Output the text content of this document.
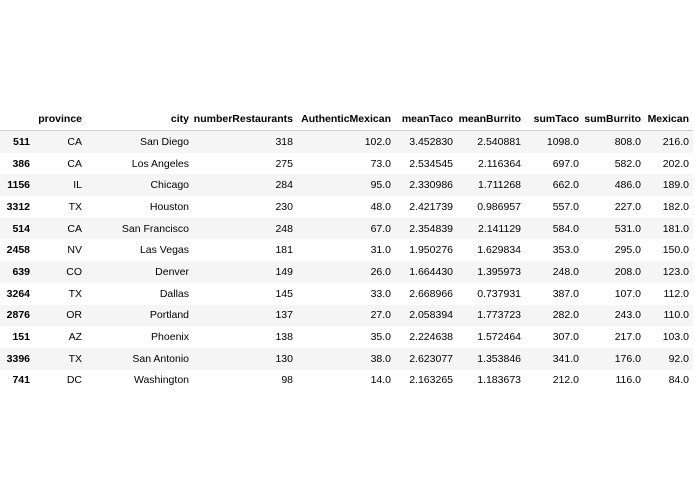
	province	city	numberRestaurants	AuthenticMexican	meanTaco	meanBurrito	sumTaco	sumBurrito	Mexican
511	CA	San Diego	318	102.0	3.452830	2.540881	1098.0	808.0	216.0
386	CA	Los Angeles	275	73.0	2.534545	2.116364	697.0	582.0	202.0
1156	IL	Chicago	284	95.0	2.330986	1.711268	662.0	486.0	189.0
3312	TX	Houston	230	48.0	2.421739	0.986957	557.0	227.0	182.0
514	CA	San Francisco	248	67.0	2.354839	2.141129	584.0	531.0	181.0
2458	NV	Las Vegas	181	31.0	1.950276	1.629834	353.0	295.0	150.0
639	CO	Denver	149	26.0	1.664430	1.395973	248.0	208.0	123.0
3264	TX	Dallas	145	33.0	2.668966	0.737931	387.0	107.0	112.0
2876	OR	Portland	137	27.0	2.058394	1.773723	282.0	243.0	110.0
151	AZ	Phoenix	138	35.0	2.224638	1.572464	307.0	217.0	103.0
3396	TX	San Antonio	130	38.0	2.623077	1.353846	341.0	176.0	92.0
741	DC	Washington	98	14.0	2.163265	1.183673	212.0	116.0	84.0
